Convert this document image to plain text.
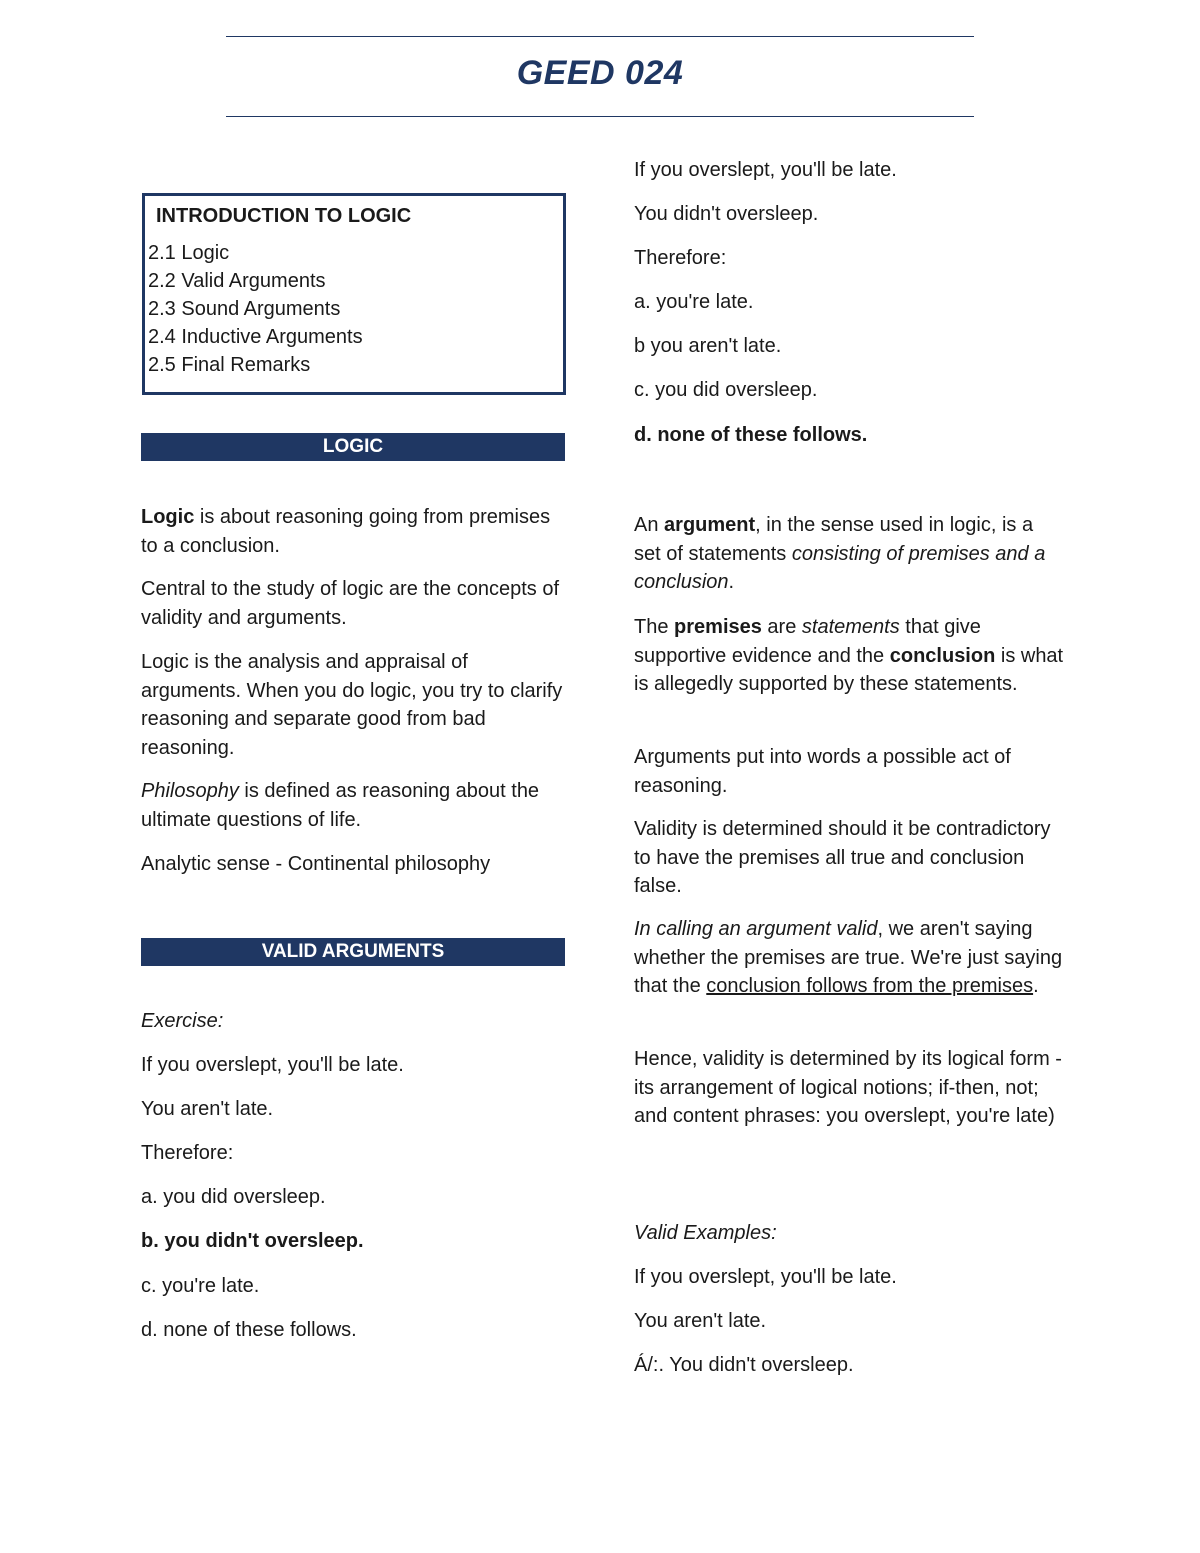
GEED 024
INTRODUCTION TO LOGIC
2.1 Logic
2.2 Valid Arguments
2.3 Sound Arguments
2.4 Inductive Arguments
2.5 Final Remarks
LOGIC
Logic is about reasoning going from premises to a conclusion.
Central to the study of logic are the concepts of validity and arguments.
Logic is the analysis and appraisal of arguments. When you do logic, you try to clarify reasoning and separate good from bad reasoning.
Philosophy is defined as reasoning about the ultimate questions of life.
Analytic sense - Continental philosophy
Exercise:
If you overslept, you'll be late.
You aren't late.
Therefore:
a. you did oversleep.
b. you didn't oversleep.
c. you're late.
d. none of these follows.
VALID ARGUMENTS
If you overslept, you'll be late.
You didn't oversleep.
Therefore:
a. you're late.
b you aren't late.
c. you did oversleep.
d. none of these follows.
An argument, in the sense used in logic, is a set of statements consisting of premises and a conclusion.
The premises are statements that give supportive evidence and the conclusion is what is allegedly supported by these statements.
Arguments put into words a possible act of reasoning.
Validity is determined should it be contradictory to have the premises all true and conclusion false.
In calling an argument valid, we aren't saying whether the premises are true. We're just saying that the conclusion follows from the premises.
Hence, validity is determined by its logical form - its arrangement of logical notions; if-then, not; and content phrases: you overslept, you're late)
Valid Examples:
If you overslept, you'll be late.
You aren't late.
Á/:. You didn't oversleep.
